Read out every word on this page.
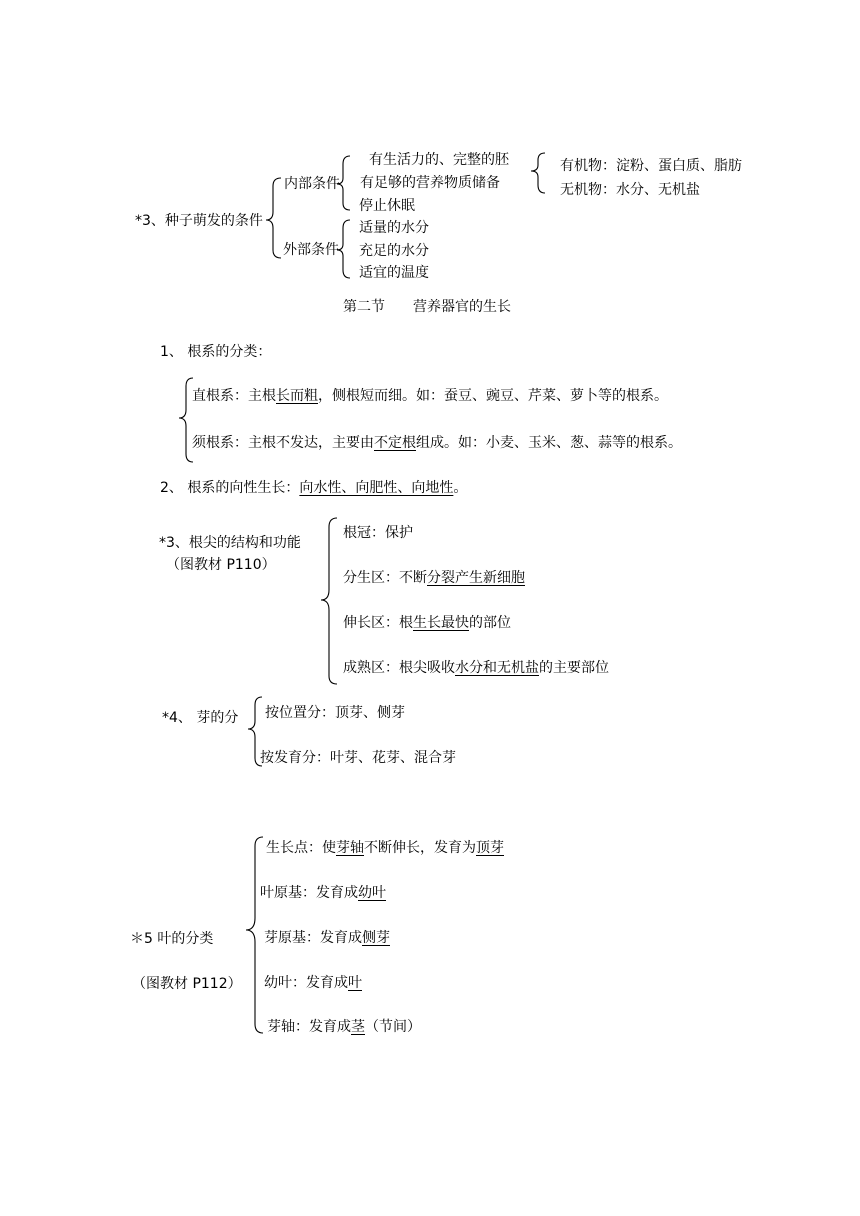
*3、种子萌发的条件
内部条件
有生活力的、完整的胚
有足够的营养物质储备
停止休眠
有机物：淀粉、蛋白质、脂肪
无机物：水分、无机盐
外部条件
适量的水分
充足的水分
适宜的温度
第二节　　营养器官的生长
1、 根系的分类：
直根系：主根长而粗，侧根短而细。如：蚕豆、豌豆、芹菜、萝卜等的根系。
须根系：主根不发达，主要由不定根组成。如：小麦、玉米、葱、蒜等的根系。
2、 根系的向性生长：向水性、向肥性、向地性。
*3、根尖的结构和功能
（图教材 P110）
根冠：保护
分生区：不断分裂产生新细胞
伸长区：根生长最快的部位
成熟区：根尖吸收水分和无机盐的主要部位
*4、 芽的分 按位置分：顶芽、侧芽
按发育分：叶芽、花芽、混合芽
＊5 叶的分类
（图教材 P112）
生长点：使芽轴不断伸长，发育为顶芽
叶原基：发育成幼叶
芽原基：发育成侧芽
幼叶：发育成叶
芽轴：发育成茎（节间）
